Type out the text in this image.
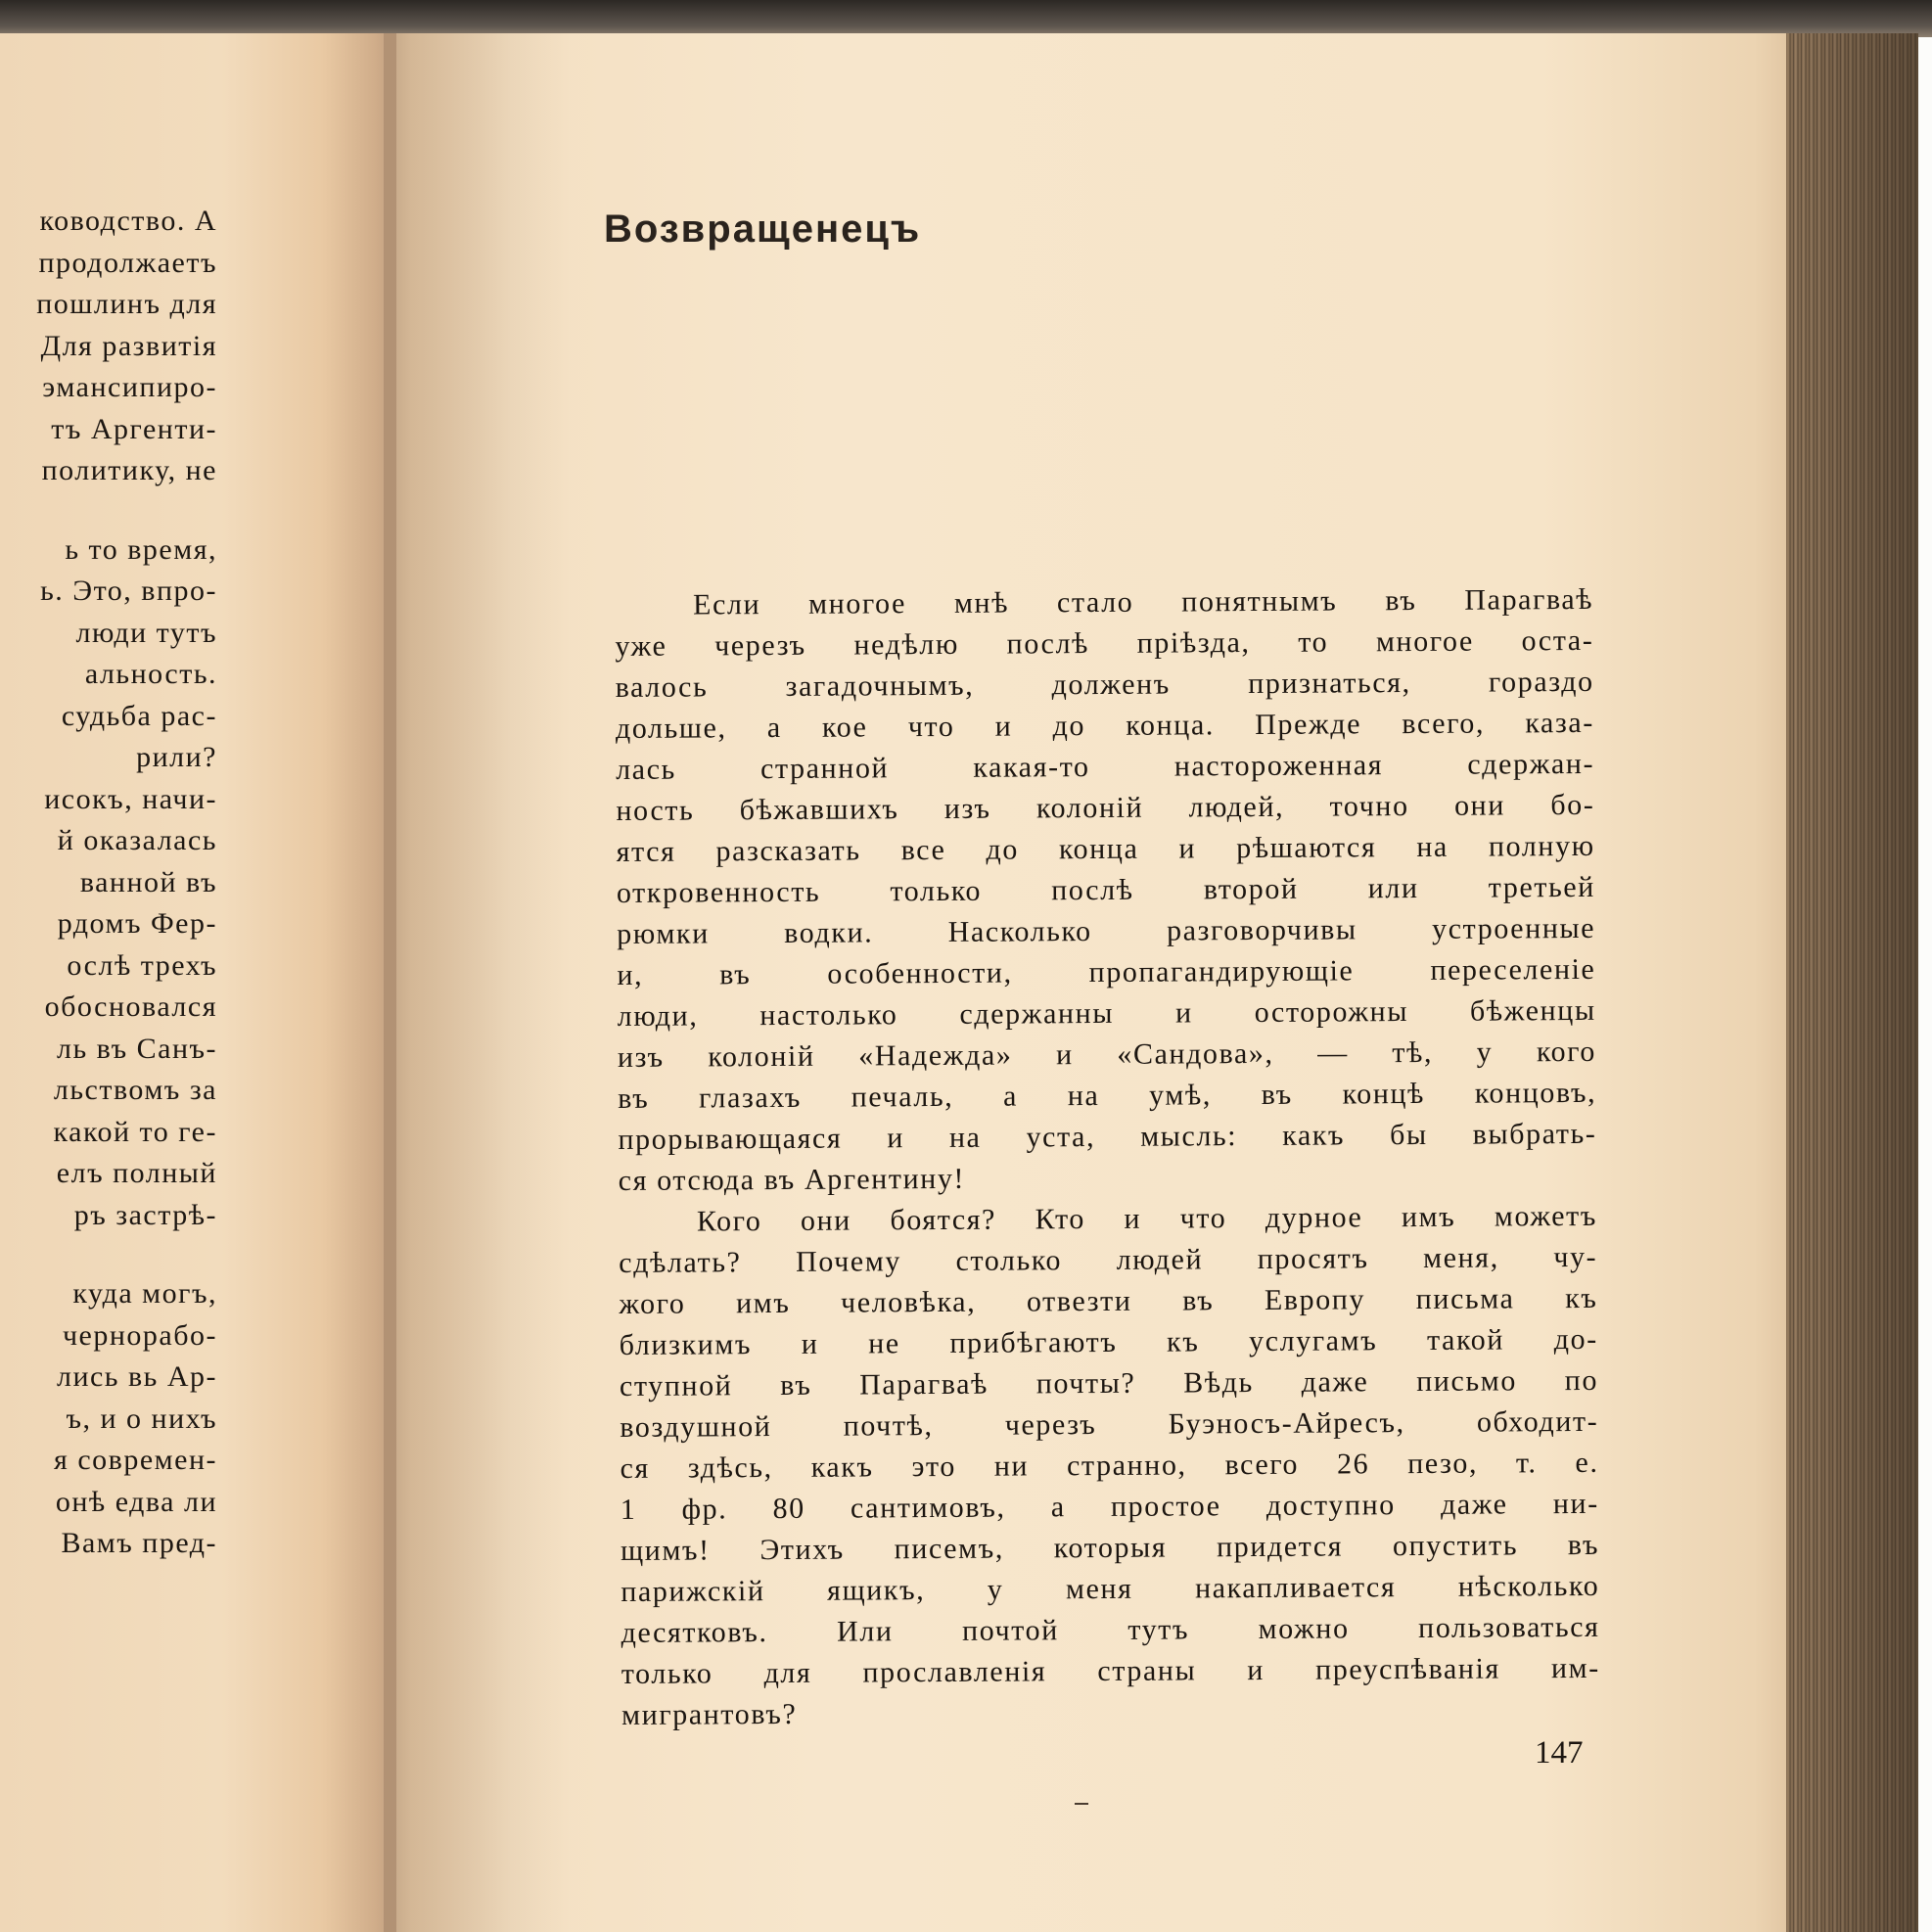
ководство. А
продолжаетъ
пошлинъ для
Для развитія
эмансипиро-
тъ Аргенти-
политику, не
ь то время,
ь. Это, впро-
люди тутъ
альность.
судьба рас-
рили?
исокъ, начи-
й оказалась
ванной въ
рдомъ Фер-
ослѣ трехъ
обосновался
ль въ Санъ-
льствомъ за
какой то ге-
елъ полный
ръ застрѣ-
куда могъ,
чернорабо-
лись вь Ар-
ъ, и о нихъ
я современ-
онѣ едва ли
Вамъ пред-
Возвращенецъ
Если многое мнѣ стало понятнымъ въ Парагваѣ
уже черезъ недѣлю послѣ пріѣзда, то многое оста-
валось загадочнымъ, долженъ признаться, гораздо
дольше, а кое что и до конца. Прежде всего, каза-
лась странной какая-то настороженная сдержан-
ность бѣжавшихъ изъ колоній людей, точно они бо-
ятся разсказать все до конца и рѣшаются на полную
откровенность только послѣ второй или третьей
рюмки водки. Насколько разговорчивы устроенные
и, въ особенности, пропагандирующіе переселеніе
люди, настолько сдержанны и осторожны бѣженцы
изъ колоній «Надежда» и «Сандова», — тѣ, у кого
въ глазахъ печаль, а на умѣ, въ концѣ концовъ,
прорывающаяся и на уста, мысль: какъ бы выбрать-
ся отсюда въ Аргентину!
Кого они боятся? Кто и что дурное имъ можетъ
сдѣлать? Почему столько людей просятъ меня, чу-
жого имъ человѣка, отвезти въ Европу письма къ
близкимъ и не прибѣгаютъ къ услугамъ такой до-
ступной въ Парагваѣ почты? Вѣдь даже письмо по
воздушной почтѣ, черезъ Буэносъ-Айресъ, обходит-
ся здѣсь, какъ это ни странно, всего 26 пезо, т. е.
1 фр. 80 сантимовъ, а простое доступно даже ни-
щимъ! Этихъ писемъ, которыя придется опустить въ
парижскій ящикъ, у меня накапливается нѣсколько
десятковъ. Или почтой тутъ можно пользоваться
только для прославленія страны и преуспѣванія им-
мигрантовъ?
147
